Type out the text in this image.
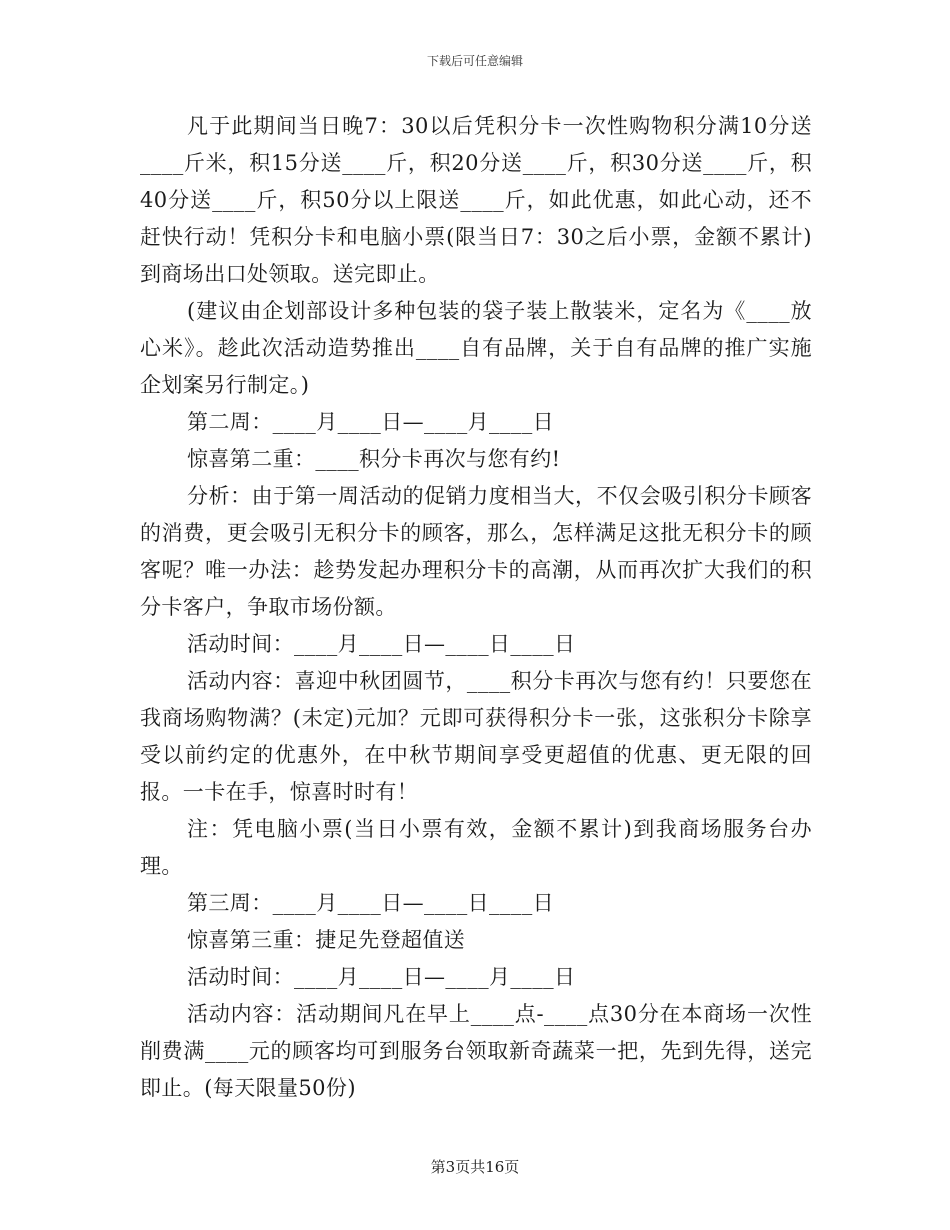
下载后可任意编辑

凡于此期间当日晚7：30以后凭积分卡一次性购物积分满10分送____斤米，积15分送____斤，积20分送____斤，积30分送____斤，积40分送____斤，积50分以上限送____斤，如此优惠，如此心动，还不赶快行动！凭积分卡和电脑小票(限当日7：30之后小票，金额不累计)到商场出口处领取。送完即止。

(建议由企划部设计多种包装的袋子装上散装米，定名为《____放心米》。趁此次活动造势推出____自有品牌，关于自有品牌的推广实施企划案另行制定。)

第二周：____月____日—____月____日

惊喜第二重：____积分卡再次与您有约!

分析：由于第一周活动的促销力度相当大，不仅会吸引积分卡顾客的消费，更会吸引无积分卡的顾客，那么，怎样满足这批无积分卡的顾客呢？唯一办法：趁势发起办理积分卡的高潮，从而再次扩大我们的积分卡客户，争取市场份额。

活动时间：____月____日—____日____日

活动内容：喜迎中秋团圆节，____积分卡再次与您有约！只要您在我商场购物满？(未定)元加？元即可获得积分卡一张，这张积分卡除享受以前约定的优惠外，在中秋节期间享受更超值的优惠、更无限的回报。一卡在手，惊喜时时有！

注：凭电脑小票(当日小票有效，金额不累计)到我商场服务台办理。

第三周：____月____日—____日____日

惊喜第三重：捷足先登超值送

活动时间：____月____日—____月____日

活动内容：活动期间凡在早上____点-____点30分在本商场一次性削费满____元的顾客均可到服务台领取新奇蔬菜一把，先到先得，送完即止。(每天限量50份)

第3页共16页
